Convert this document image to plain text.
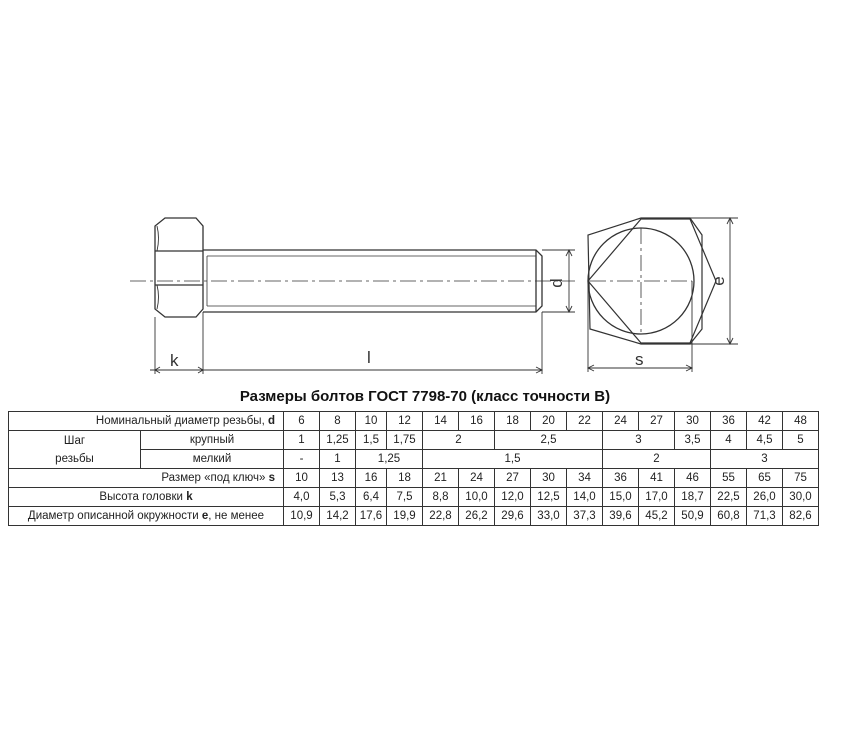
k	l
d
s
e
Размеры болтов ГОСТ 7798-70 (класс точности В)
Номинальный диаметр резьбы, d		6	8	10	12	14	16	18	20	22	24	27	30	36	42	48
Шаг
резьбы	крупный	1	1,25	1,5	1,75	2		2,5			3		3,5	4	4,5	5
	мелкий	-	1	1,25		1,5					2			3		
Размер «под ключ» s		10	13	16	18	21	24	27	30	34	36	41	46	55	65	75
Высота головки k		4,0	5,3	6,4	7,5	8,8	10,0	12,0	12,5	14,0	15,0	17,0	18,7	22,5	26,0	30,0
Диаметр описанной окружности e, не менее		10,9	14,2	17,6	19,9	22,8	26,2	29,6	33,0	37,3	39,6	45,2	50,9	60,8	71,3	82,6
